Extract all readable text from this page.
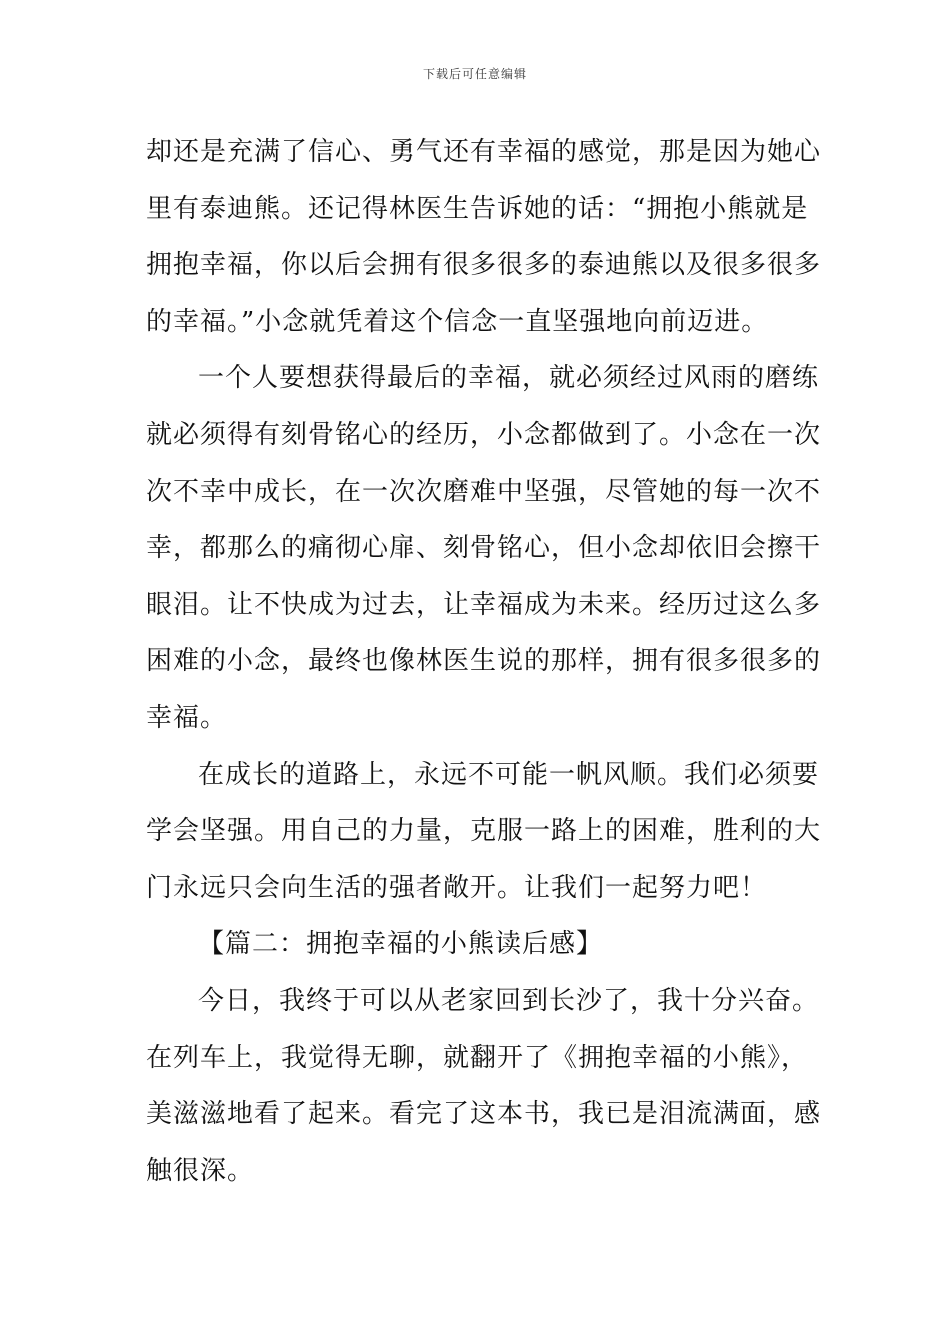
下载后可任意编辑
却还是充满了信心、勇气还有幸福的感觉，那是因为她心
里有泰迪熊。还记得林医生告诉她的话：“拥抱小熊就是
拥抱幸福，你以后会拥有很多很多的泰迪熊以及很多很多
的幸福。”小念就凭着这个信念一直坚强地向前迈进。
一个人要想获得最后的幸福，就必须经过风雨的磨练
就必须得有刻骨铭心的经历，小念都做到了。小念在一次
次不幸中成长，在一次次磨难中坚强，尽管她的每一次不
幸，都那么的痛彻心扉、刻骨铭心，但小念却依旧会擦干
眼泪。让不快成为过去，让幸福成为未来。经历过这么多
困难的小念，最终也像林医生说的那样，拥有很多很多的
幸福。
在成长的道路上，永远不可能一帆风顺。我们必须要
学会坚强。用自己的力量，克服一路上的困难，胜利的大
门永远只会向生活的强者敞开。让我们一起努力吧！
【篇二：拥抱幸福的小熊读后感】
今日，我终于可以从老家回到长沙了，我十分兴奋。
在列车上，我觉得无聊，就翻开了《拥抱幸福的小熊》，
美滋滋地看了起来。看完了这本书，我已是泪流满面，感
触很深。
